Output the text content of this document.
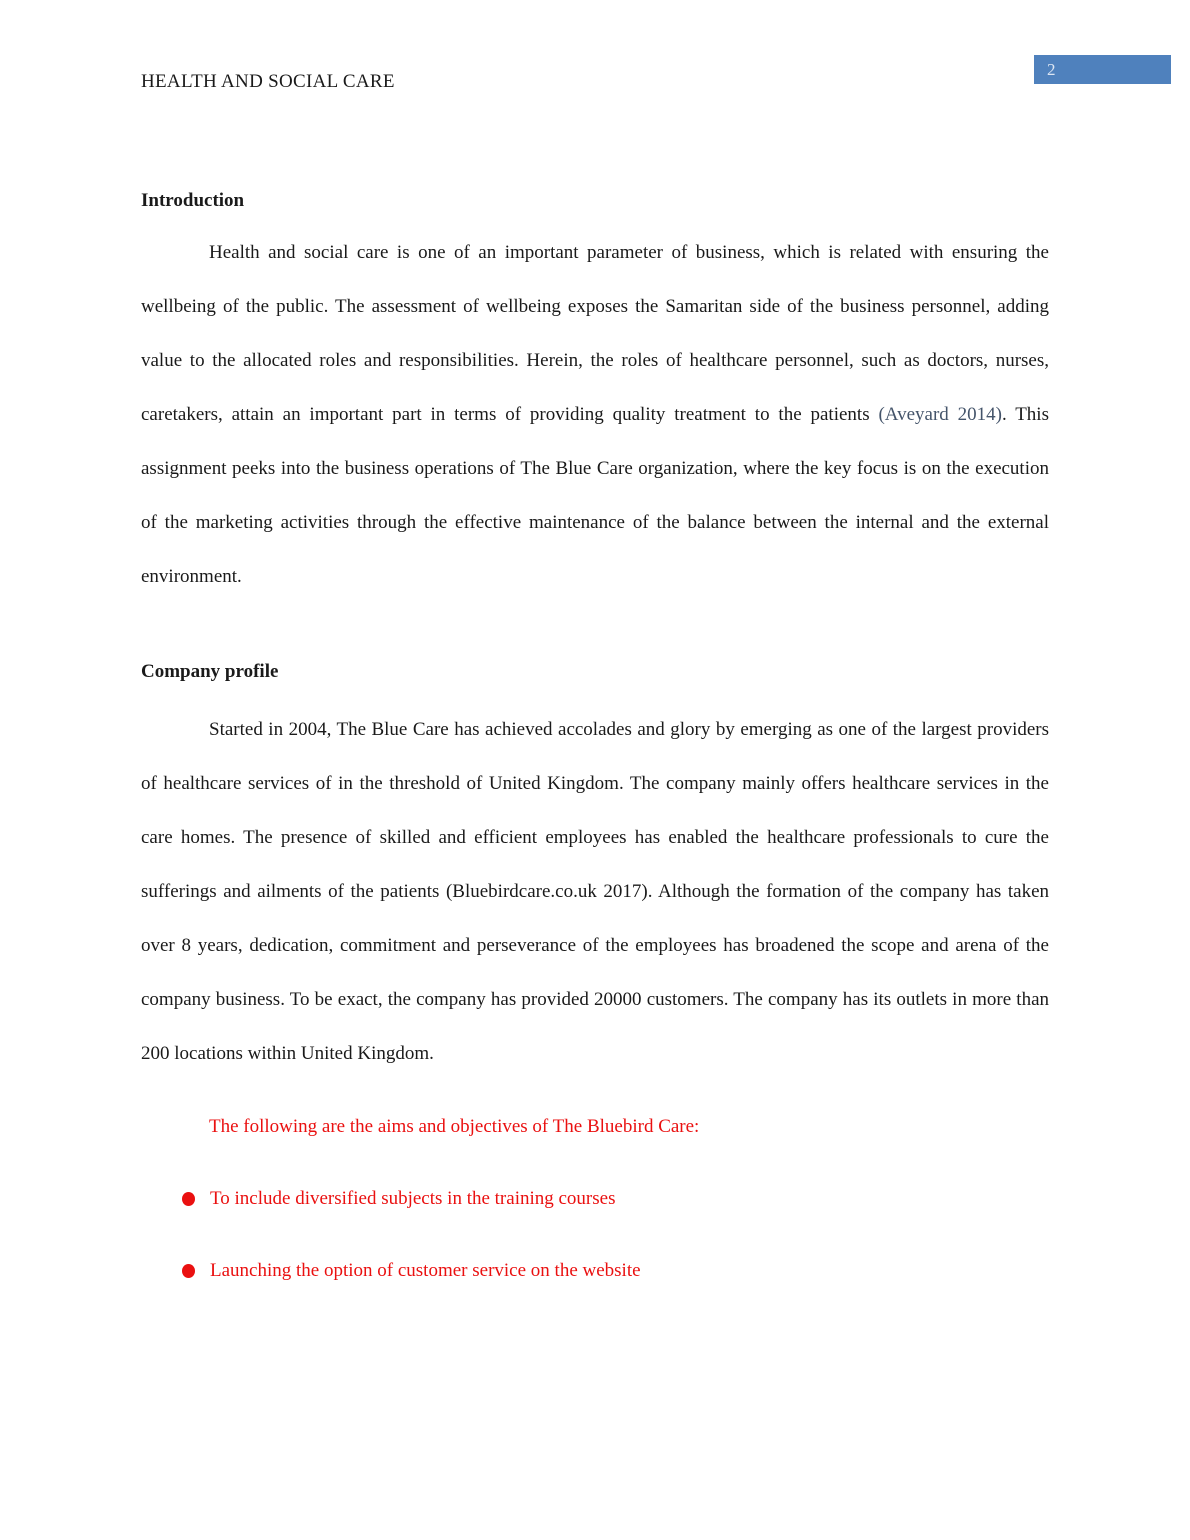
HEALTH AND SOCIAL CARE
2
Introduction

Health and social care is one of an important parameter of business, which is related with ensuring the wellbeing of the public. The assessment of wellbeing exposes the Samaritan side of the business personnel, adding value to the allocated roles and responsibilities. Herein, the roles of healthcare personnel, such as doctors, nurses, caretakers, attain an important part in terms of providing quality treatment to the patients (Aveyard 2014). This assignment peeks into the business operations of The Blue Care organization, where the key focus is on the execution of the marketing activities through the effective maintenance of the balance between the internal and the external environment.

Company profile

Started in 2004, The Blue Care has achieved accolades and glory by emerging as one of the largest providers of healthcare services of in the threshold of United Kingdom. The company mainly offers healthcare services in the care homes. The presence of skilled and efficient employees has enabled the healthcare professionals to cure the sufferings and ailments of the patients (Bluebirdcare.co.uk 2017). Although the formation of the company has taken over 8 years, dedication, commitment and perseverance of the employees has broadened the scope and arena of the company business. To be exact, the company has provided 20000 customers. The company has its outlets in more than 200 locations within United Kingdom.

The following are the aims and objectives of The Bluebird Care:

To include diversified subjects in the training courses
Launching the option of customer service on the website
